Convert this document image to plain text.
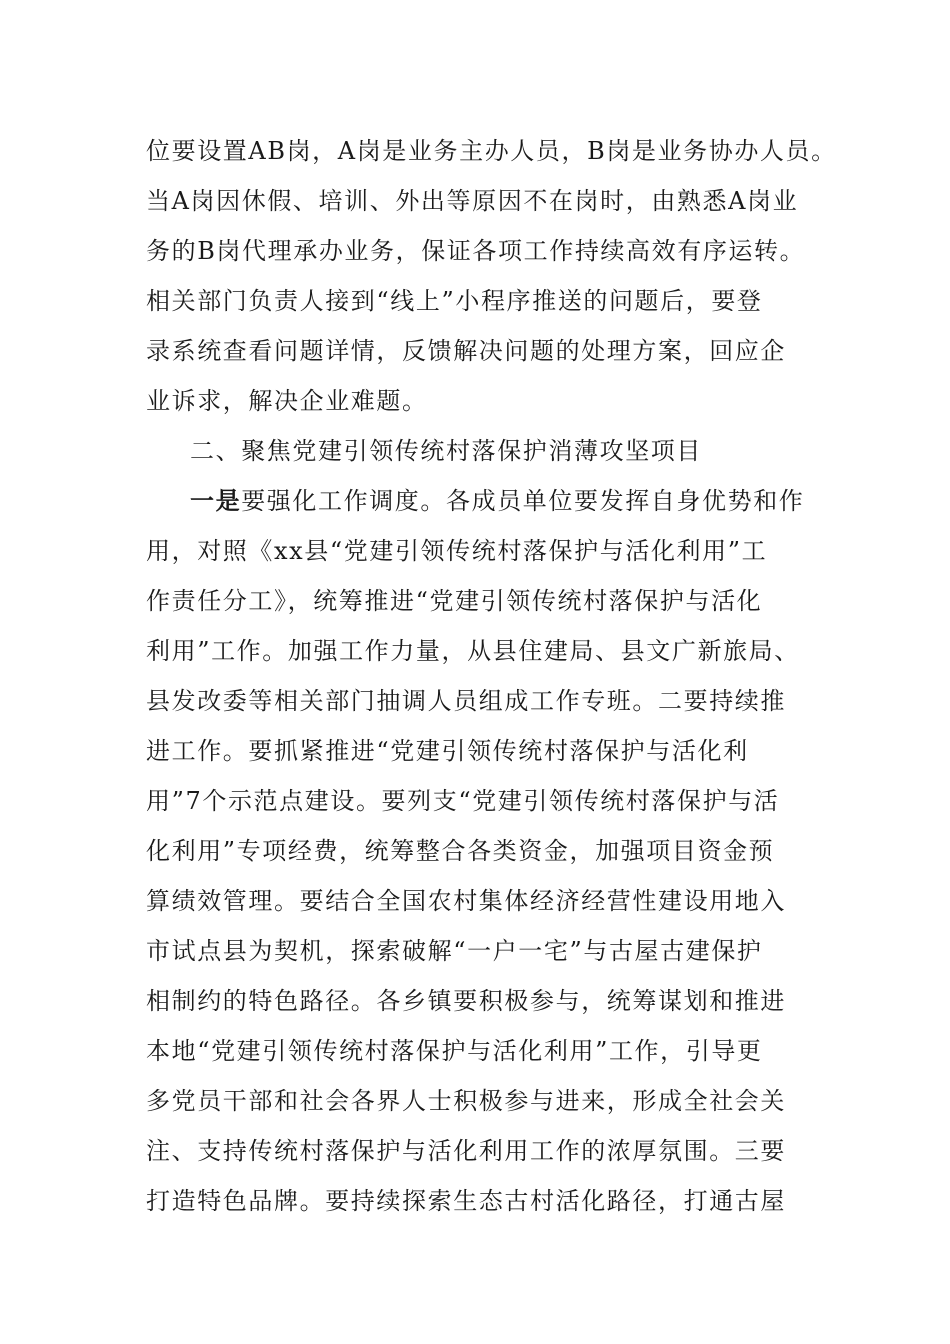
位要设置AB岗，A岗是业务主办人员，B岗是业务协办人员。
当A岗因休假、培训、外出等原因不在岗时，由熟悉A岗业
务的B岗代理承办业务，保证各项工作持续高效有序运转。
相关部门负责人接到“线上”小程序推送的问题后，要登
录系统查看问题详情，反馈解决问题的处理方案，回应企
业诉求，解决企业难题。
二、聚焦党建引领传统村落保护消薄攻坚项目
一是要强化工作调度。各成员单位要发挥自身优势和作
用，对照《xx县“党建引领传统村落保护与活化利用”工
作责任分工》，统筹推进“党建引领传统村落保护与活化
利用”工作。加强工作力量，从县住建局、县文广新旅局、
县发改委等相关部门抽调人员组成工作专班。二要持续推
进工作。要抓紧推进“党建引领传统村落保护与活化利
用”7个示范点建设。要列支“党建引领传统村落保护与活
化利用”专项经费，统筹整合各类资金，加强项目资金预
算绩效管理。要结合全国农村集体经济经营性建设用地入
市试点县为契机，探索破解“一户一宅”与古屋古建保护
相制约的特色路径。各乡镇要积极参与，统筹谋划和推进
本地“党建引领传统村落保护与活化利用”工作，引导更
多党员干部和社会各界人士积极参与进来，形成全社会关
注、支持传统村落保护与活化利用工作的浓厚氛围。三要
打造特色品牌。要持续探索生态古村活化路径，打通古屋
